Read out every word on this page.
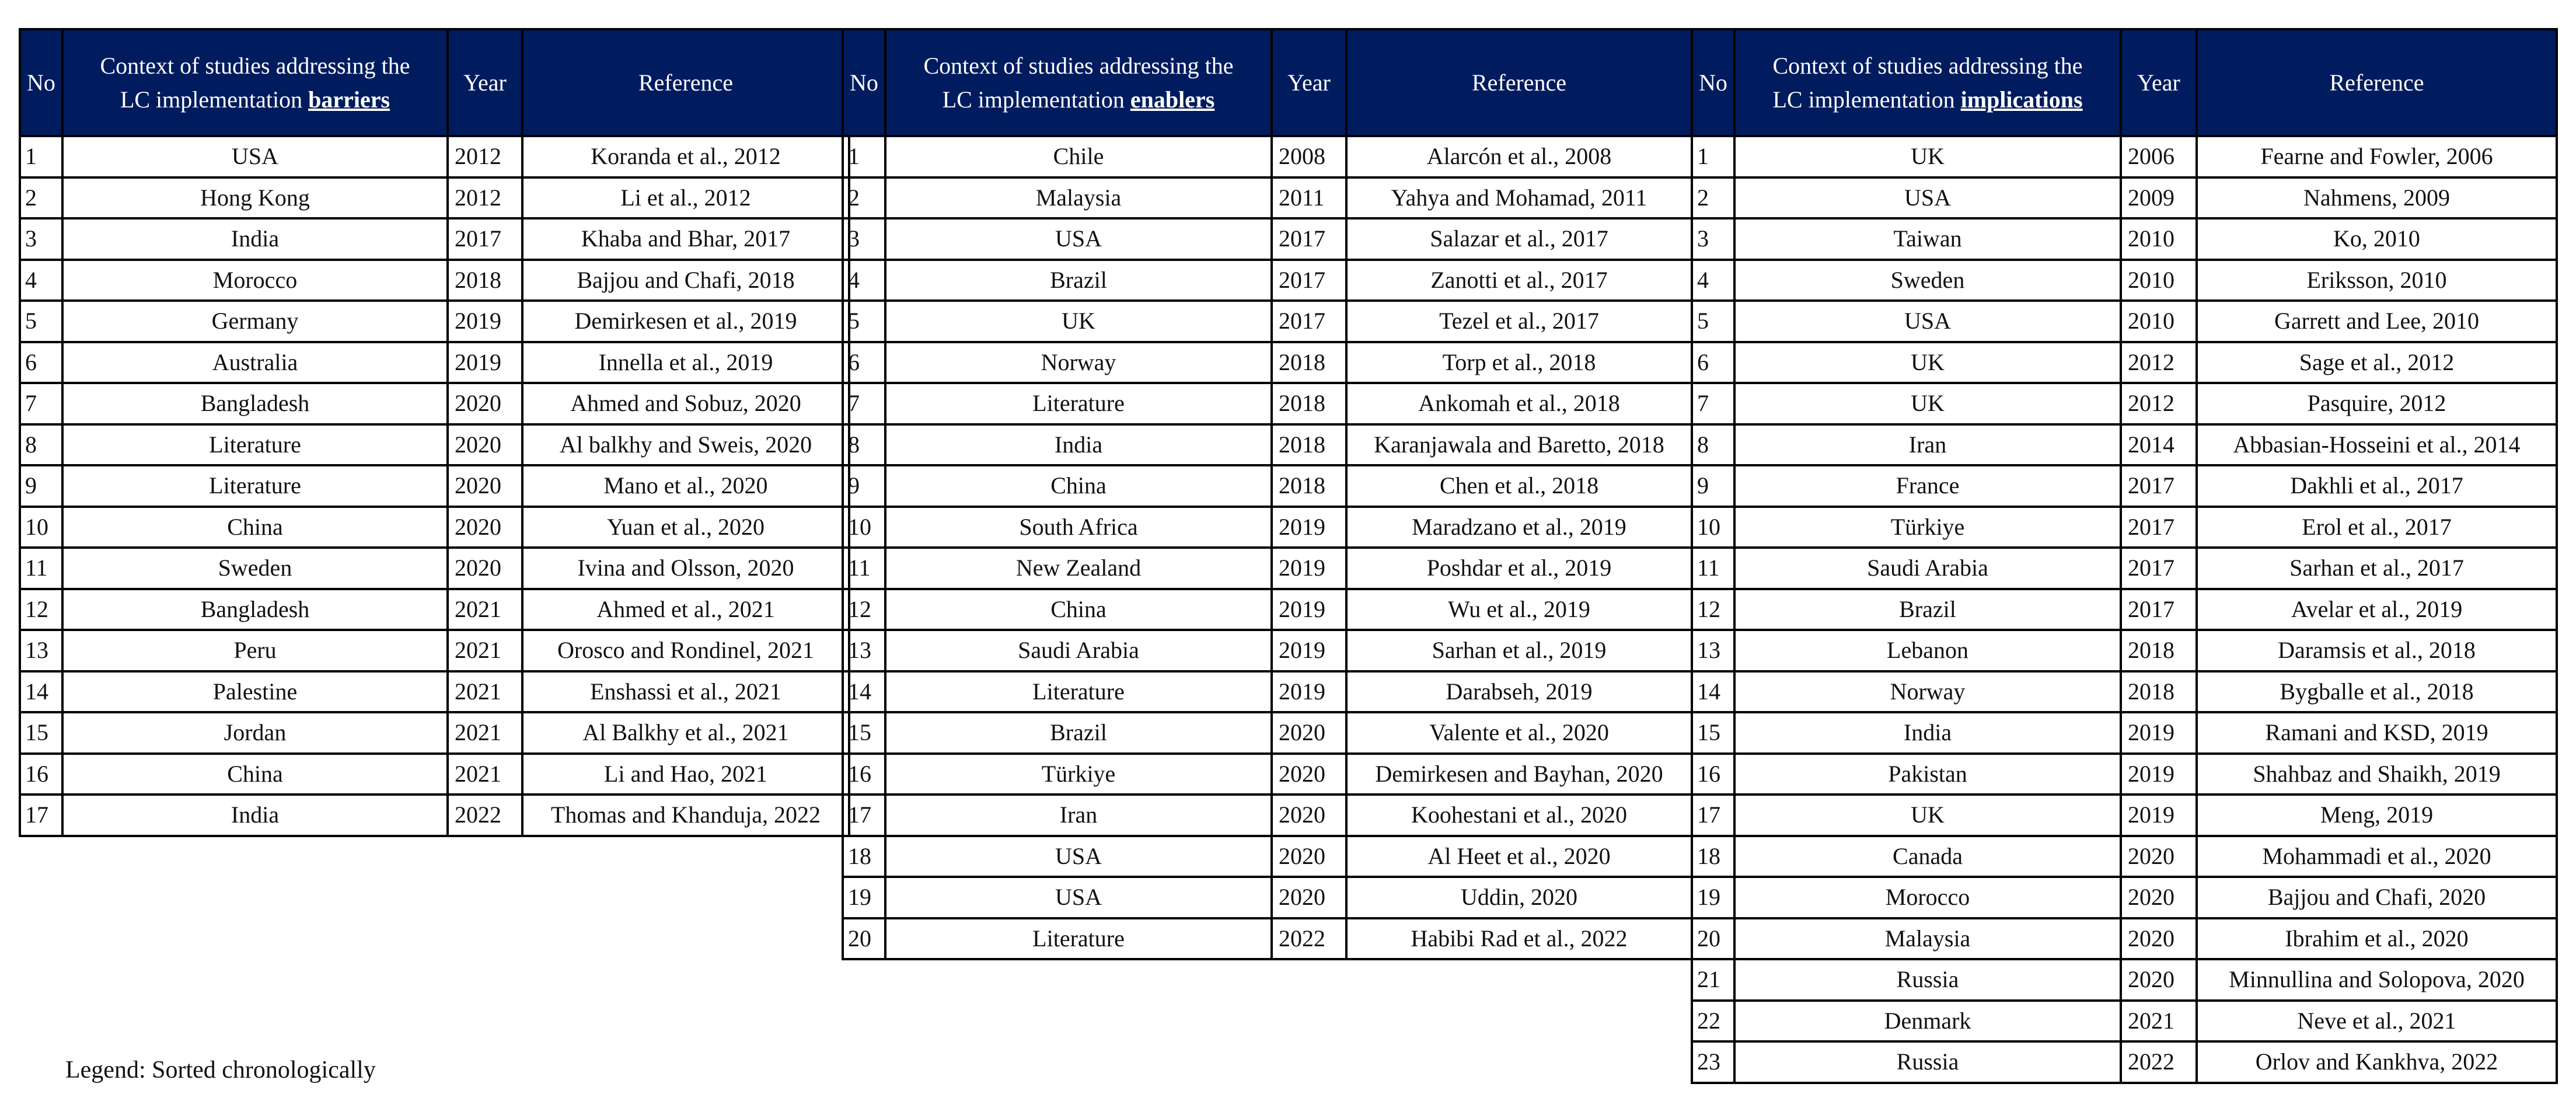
No	Context of studies addressing the
LC implementation barriers	Year	Reference
1	USA	2012	Koranda et al., 2012
2	Hong Kong	2012	Li et al., 2012
3	India	2017	Khaba and Bhar, 2017
4	Morocco	2018	Bajjou and Chafi, 2018
5	Germany	2019	Demirkesen et al., 2019
6	Australia	2019	Innella et al., 2019
7	Bangladesh	2020	Ahmed and Sobuz, 2020
8	Literature	2020	Al balkhy and Sweis, 2020
9	Literature	2020	Mano et al., 2020
10	China	2020	Yuan et al., 2020
11	Sweden	2020	Ivina and Olsson, 2020
12	Bangladesh	2021	Ahmed et al., 2021
13	Peru	2021	Orosco and Rondinel, 2021
14	Palestine	2021	Enshassi et al., 2021
15	Jordan	2021	Al Balkhy et al., 2021
16	China	2021	Li and Hao, 2021
17	India	2022	Thomas and Khanduja, 2022
No	Context of studies addressing the
LC implementation enablers	Year	Reference
1	Chile	2008	Alarcón et al., 2008
2	Malaysia	2011	Yahya and Mohamad, 2011
3	USA	2017	Salazar et al., 2017
4	Brazil	2017	Zanotti et al., 2017
5	UK	2017	Tezel et al., 2017
6	Norway	2018	Torp et al., 2018
7	Literature	2018	Ankomah et al., 2018
8	India	2018	Karanjawala and Baretto, 2018
9	China	2018	Chen et al., 2018
10	South Africa	2019	Maradzano et al., 2019
11	New Zealand	2019	Poshdar et al., 2019
12	China	2019	Wu et al., 2019
13	Saudi Arabia	2019	Sarhan et al., 2019
14	Literature	2019	Darabseh, 2019
15	Brazil	2020	Valente et al., 2020
16	Türkiye	2020	Demirkesen and Bayhan, 2020
17	Iran	2020	Koohestani et al., 2020
18	USA	2020	Al Heet et al., 2020
19	USA	2020	Uddin, 2020
20	Literature	2022	Habibi Rad et al., 2022
No	Context of studies addressing the
LC implementation implications	Year	Reference
1	UK	2006	Fearne and Fowler, 2006
2	USA	2009	Nahmens, 2009
3	Taiwan	2010	Ko, 2010
4	Sweden	2010	Eriksson, 2010
5	USA	2010	Garrett and Lee, 2010
6	UK	2012	Sage et al., 2012
7	UK	2012	Pasquire, 2012
8	Iran	2014	Abbasian-Hosseini et al., 2014
9	France	2017	Dakhli et al., 2017
10	Türkiye	2017	Erol et al., 2017
11	Saudi Arabia	2017	Sarhan et al., 2017
12	Brazil	2017	Avelar et al., 2019
13	Lebanon	2018	Daramsis et al., 2018
14	Norway	2018	Bygballe et al., 2018
15	India	2019	Ramani and KSD, 2019
16	Pakistan	2019	Shahbaz and Shaikh, 2019
17	UK	2019	Meng, 2019
18	Canada	2020	Mohammadi et al., 2020
19	Morocco	2020	Bajjou and Chafi, 2020
20	Malaysia	2020	Ibrahim et al., 2020
21	Russia	2020	Minnullina and Solopova, 2020
22	Denmark	2021	Neve et al., 2021
23	Russia	2022	Orlov and Kankhva, 2022
Legend: Sorted chronologically
